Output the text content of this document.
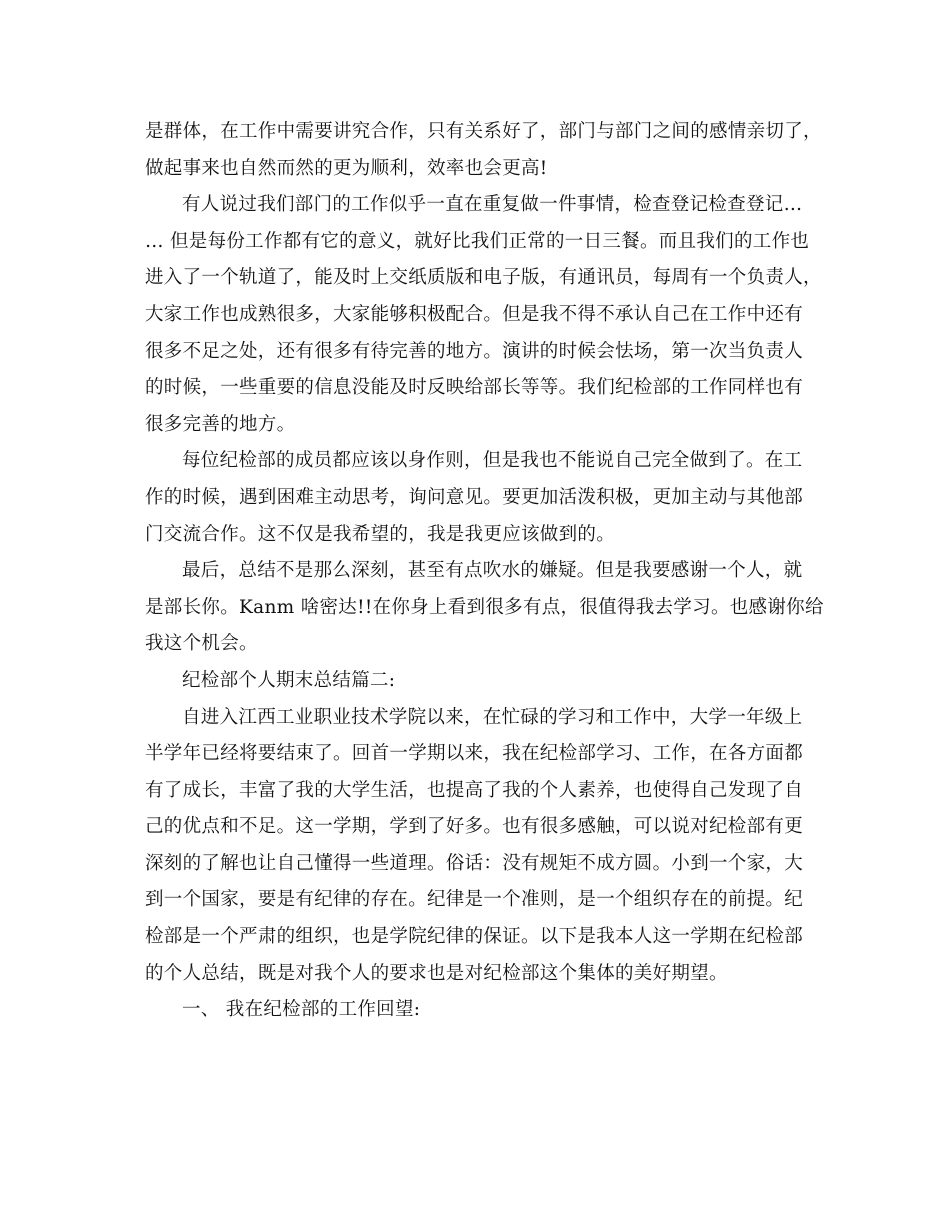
是群体，在工作中需要讲究合作，只有关系好了，部门与部门之间的感情亲切了，
做起事来也自然而然的更为顺利，效率也会更高!
有人说过我们部门的工作似乎一直在重复做一件事情，检查登记检查登记…
… 但是每份工作都有它的意义，就好比我们正常的一日三餐。而且我们的工作也
进入了一个轨道了，能及时上交纸质版和电子版，有通讯员，每周有一个负责人，
大家工作也成熟很多，大家能够积极配合。但是我不得不承认自己在工作中还有
很多不足之处，还有很多有待完善的地方。演讲的时候会怯场，第一次当负责人
的时候，一些重要的信息没能及时反映给部长等等。我们纪检部的工作同样也有
很多完善的地方。
每位纪检部的成员都应该以身作则，但是我也不能说自己完全做到了。在工
作的时候，遇到困难主动思考，询问意见。要更加活泼积极，更加主动与其他部
门交流合作。这不仅是我希望的，我是我更应该做到的。
最后，总结不是那么深刻，甚至有点吹水的嫌疑。但是我要感谢一个人，就
是部长你。Kanm 啥密达!!在你身上看到很多有点，很值得我去学习。也感谢你给
我这个机会。
纪检部个人期末总结篇二:
自进入江西工业职业技术学院以来，在忙碌的学习和工作中，大学一年级上
半学年已经将要结束了。回首一学期以来，我在纪检部学习、工作，在各方面都
有了成长，丰富了我的大学生活，也提高了我的个人素养，也使得自己发现了自
己的优点和不足。这一学期，学到了好多。也有很多感触，可以说对纪检部有更
深刻的了解也让自己懂得一些道理。俗话：没有规矩不成方圆。小到一个家，大
到一个国家，要是有纪律的存在。纪律是一个准则，是一个组织存在的前提。纪
检部是一个严肃的组织，也是学院纪律的保证。以下是我本人这一学期在纪检部
的个人总结，既是对我个人的要求也是对纪检部这个集体的美好期望。
一、 我在纪检部的工作回望:
